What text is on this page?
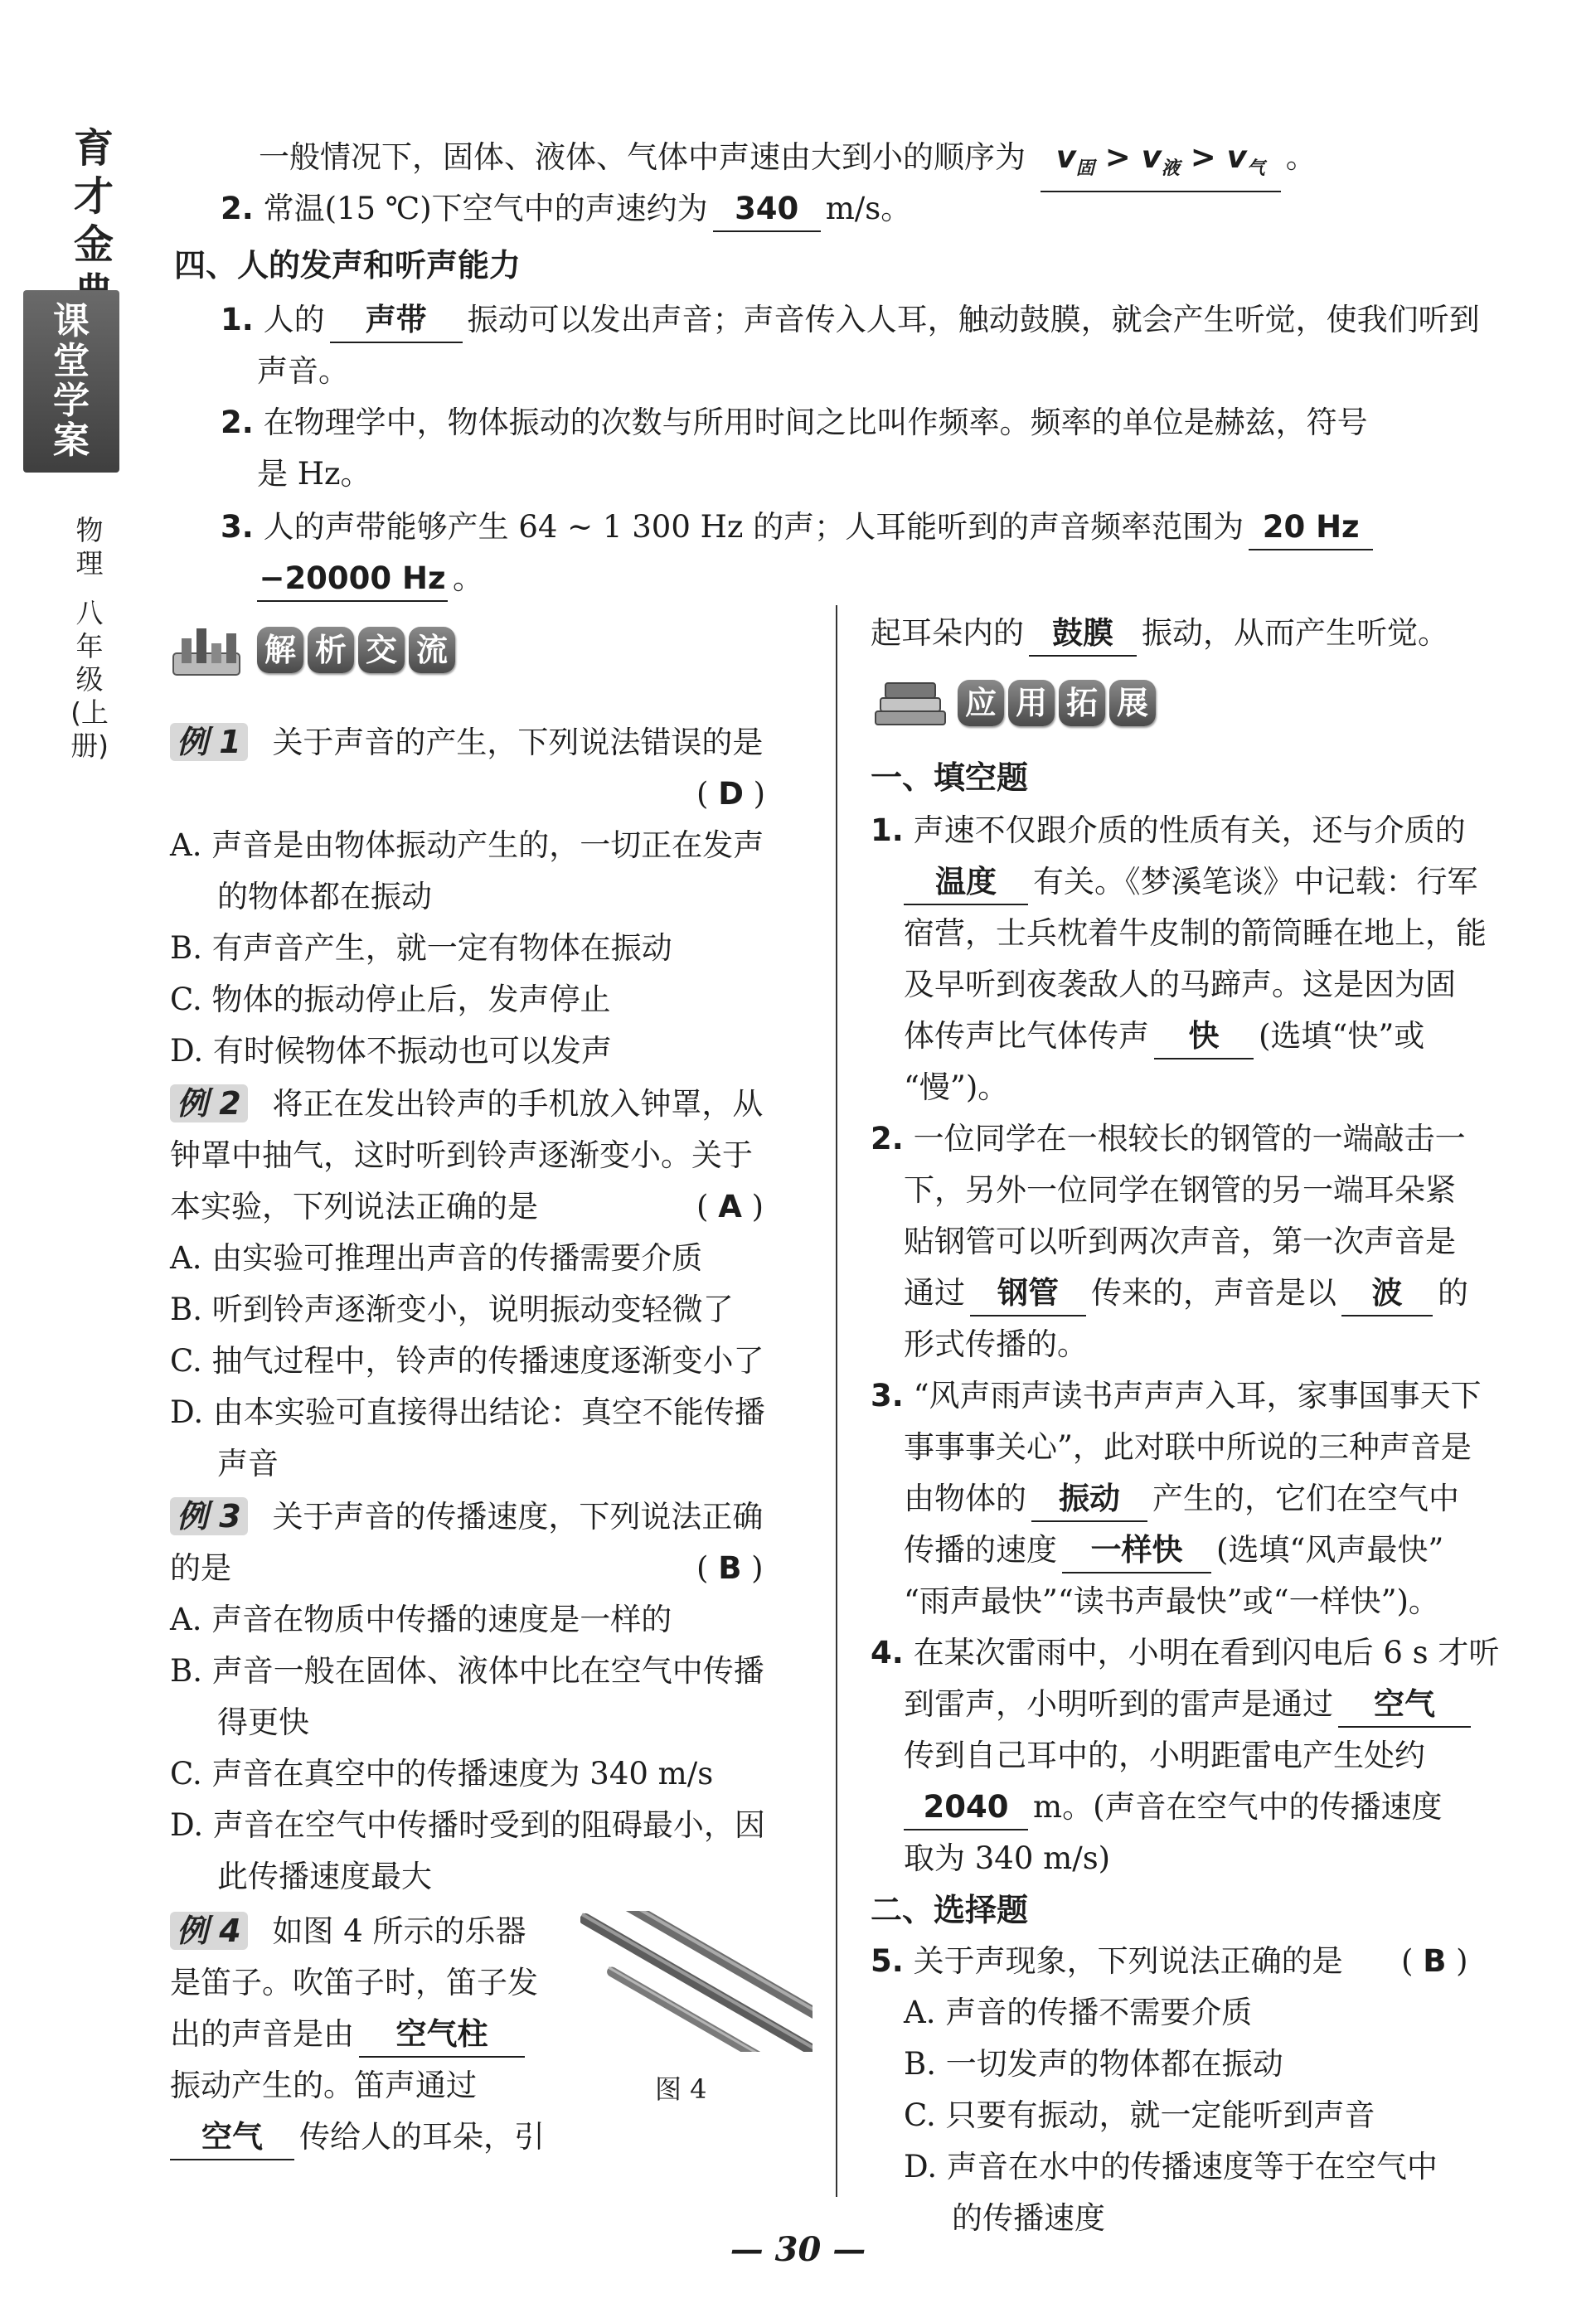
育
才
金
课
堂
学
案
物
理
八
年
级
(上
册)
一般情况下，固体、液体、气体中声速由大到小的顺序为 $v_固 > v_液 > v_气$ 。
2. 常温(15 ℃)下空气中的声速约为 340 m/s。
四、人的发声和听声能力
1. 人的 声带 振动可以发出声音；声音传入人耳，触动鼓膜，就会产生听觉，使我们听到
声音。
2. 在物理学中，物体振动的次数与所用时间之比叫作频率。频率的单位是赫兹，符号
是 Hz。
3. 人的声带能够产生 64 ~ 1 300 Hz 的声；人耳能听到的声音频率范围为 20 Hz
−20000 Hz 。
解 析 交 流
应 用 拓 展
例 1 关于声音的产生，下列说法错误的是
( D )
A. 声音是由物体振动产生的，一切正在发声
的物体都在振动
B. 有声音产生，就一定有物体在振动
C. 物体的振动停止后，发声停止
D. 有时候物体不振动也可以发声
例 2 将正在发出铃声的手机放入钟罩，从
钟罩中抽气，这时听到铃声逐渐变小。关于
本实验，下列说法正确的是	( A )
A. 由实验可推理出声音的传播需要介质
B. 听到铃声逐渐变小，说明振动变轻微了
C. 抽气过程中，铃声的传播速度逐渐变小了
D. 由本实验可直接得出结论：真空不能传播
声音
例 3 关于声音的传播速度，下列说法正确
的是	( B )
A. 声音在物质中传播的速度是一样的
B. 声音一般在固体、液体中比在空气中传播
得更快
C. 声音在真空中的传播速度为 340 m/s
D. 声音在空气中传播时受到的阻碍最小，因
此传播速度最大
例 4 如图 4 所示的乐器
是笛子。吹笛子时，笛子发
出的声音是由 空气柱
振动产生的。笛声通过
空气 传给人的耳朵，引
图 4
起耳朵内的 鼓膜 振动，从而产生听觉。
一、填空题
1. 声速不仅跟介质的性质有关，还与介质的
温度 有关。《梦溪笔谈》中记载：行军
宿营，士兵枕着牛皮制的箭筒睡在地上，能
及早听到夜袭敌人的马蹄声。这是因为固
体传声比气体传声 快 (选填“快”或
“慢”)。
2. 一位同学在一根较长的钢管的一端敲击一
下，另外一位同学在钢管的另一端耳朵紧
贴钢管可以听到两次声音，第一次声音是
通过 钢管 传来的，声音是以 波 的
形式传播的。
3. “风声雨声读书声声声入耳，家事国事天下
事事事关心”，此对联中所说的三种声音是
由物体的 振动 产生的，它们在空气中
传播的速度 一样快 (选填“风声最快”
“雨声最快”“读书声最快”或“一样快”)。
4. 在某次雷雨中，小明在看到闪电后 6 s 才听
到雷声，小明听到的雷声是通过 空气
传到自己耳中的，小明距雷电产生处约
2040 m。(声音在空气中的传播速度
取为 340 m/s)
二、选择题
5. 关于声现象，下列说法正确的是 ( B )
A. 声音的传播不需要介质
B. 一切发声的物体都在振动
C. 只要有振动，就一定能听到声音
D. 声音在水中的传播速度等于在空气中
的传播速度
— 30 —
